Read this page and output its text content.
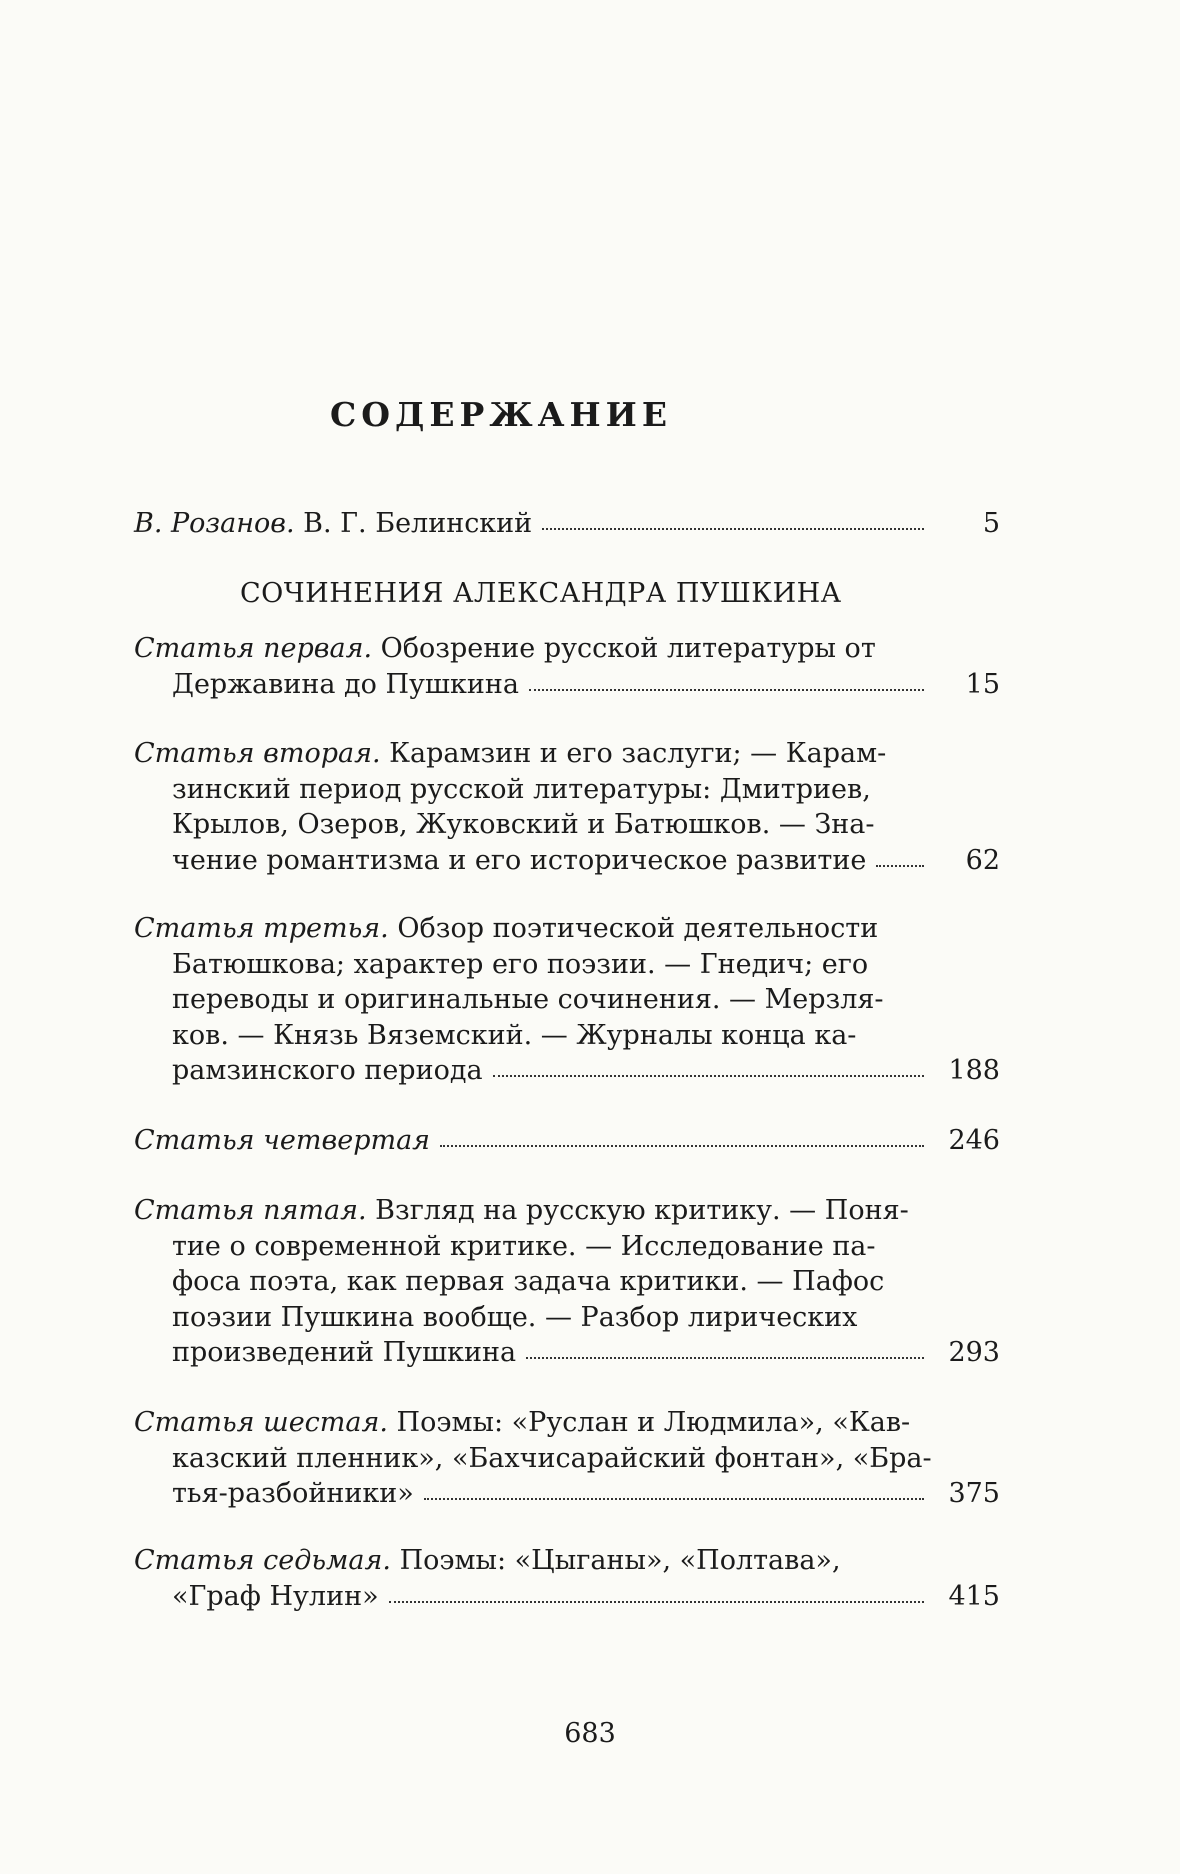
СОДЕРЖАНИЕ
В. Розанов. В. Г. Белинский	5
СОЧИНЕНИЯ АЛЕКСАНДРА ПУШКИНА
Статья первая. Обозрение русской литературы от
Державина до Пушкина	15
Статья вторая. Карамзин и его заслуги; — Карам-
зинский период русской литературы: Дмитриев,
Крылов, Озеров, Жуковский и Батюшков. — Зна-
чение романтизма и его историческое развитие	62
Статья третья. Обзор поэтической деятельности
Батюшкова; характер его поэзии. — Гнедич; его
переводы и оригинальные сочинения. — Мерзля-
ков. — Князь Вяземский. — Журналы конца ка-
рамзинского периода	188
Статья четвертая	246
Статья пятая. Взгляд на русскую критику. — Поня-
тие о современной критике. — Исследование па-
фоса поэта, как первая задача критики. — Пафос
поэзии Пушкина вообще. — Разбор лирических
произведений Пушкина	293
Статья шестая. Поэмы: «Руслан и Людмила», «Кав-
казский пленник», «Бахчисарайский фонтан», «Бра-
тья-разбойники»	375
Статья седьмая. Поэмы: «Цыганы», «Полтава»,
«Граф Нулин»	415
683
